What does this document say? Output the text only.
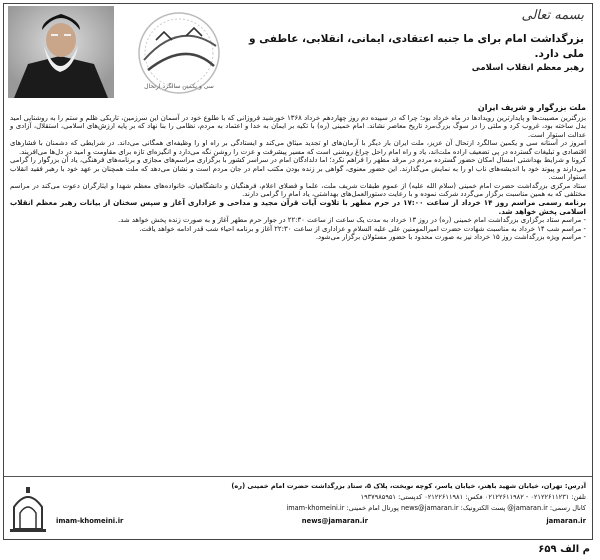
سی و یکمین سالگرد ارتحال
بسمه تعالی
بزرگداشت امام برای ما جنبه اعتقادی، ایمانی، انقلابی، عاطفی و ملی دارد.
رهبر معظم انقلاب اسلامی
ملت بزرگوار و شریف ایران

بزرگترین مصیبت‌ها و پایدارترین رویدادها در ماه خرداد بود؛ چرا که در سپیده دم روز چهاردهم خرداد ۱۳۶۸ خورشید فروزانی که با طلوع خود در آسمان این سرزمین، تاریکی ظلم و ستم را به روشنایی امید بدل ساخته بود، غروب کرد و ملتی را در سوگ بزرگ‌مرد تاریخ معاصر نشاند. امام خمینی (ره) با تکیه بر ایمان به خدا و اعتماد به مردم، نظامی را بنا نهاد که بر پایه ارزش‌های اسلامی، استقلال، آزادی و عدالت استوار است.

امروز در آستانه سی و یکمین سالگرد ارتحال آن عزیز، ملت ایران بار دیگر با آرمان‌های او تجدید میثاق می‌کند و ایستادگی بر راه او را وظیفه‌ای همگانی می‌داند. در شرایطی که دشمنان با فشارهای اقتصادی و تبلیغات گسترده در پی تضعیف اراده ملت‌اند، یاد و راه امام راحل چراغ روشنی است که مسیر پیشرفت و عزت را روشن نگه می‌دارد و انگیزه‌ای تازه برای مقاومت و امید در دل‌ها می‌افریند.

کرونا و شرایط بهداشتی امسال امکان حضور گسترده مردم در مرقد مطهر را فراهم نکرد؛ اما دلدادگان امام در سراسر کشور با برگزاری مراسم‌های مجازی و برنامه‌های فرهنگی، یاد آن بزرگوار را گرامی می‌دارند و پیوند خود با اندیشه‌های ناب او را به نمایش می‌گذارند. این حضور معنوی، گواهی بر زنده بودن مکتب امام در جان مردم است و نشان می‌دهد که ملت همچنان بر عهد خود با رهبر فقید انقلاب استوار است.

ستاد مرکزی بزرگداشت حضرت امام خمینی (سلام الله علیه) از عموم طبقات شریف ملت، علما و فضلای اعلام، فرهنگیان و دانشگاهیان، خانواده‌های معظم شهدا و ایثارگران دعوت می‌کند در مراسم مختلفی که به همین مناسبت برگزار می‌گردد شرکت نموده و با رعایت دستورالعمل‌های بهداشتی، یاد امام را گرامی دارند.

برنامه رسمی مراسم روز ۱۴ خرداد از ساعت ۱۷:۰۰ در حرم مطهر با تلاوت آیات قرآن مجید و مداحی و عزاداری آغاز و سپس سخنان از بیانات رهبر معظم انقلاب اسلامی پخش خواهد شد.

- مراسم ستاد برگزاری بزرگداشت امام خمینی (ره) در روز ۱۳ خرداد به مدت یک ساعت از ساعت ۲۲:۳۰ در جوار حرم مطهر آغاز و به صورت زنده پخش خواهد شد.

- مراسم شب ۱۴ خرداد به مناسبت شهادت حضرت امیرالمومنین علی علیه السلام و عزاداری از ساعت ۲۲:۳۰ آغاز و برنامه احیاء شب قدر ادامه خواهد یافت.

- مراسم ویژه بزرگداشت روز ۱۵ خرداد نیز به صورت محدود با حضور مسئولان برگزار می‌شود.

آدرس: تهران، خیابان شهید باهنر، خیابان یاسر، کوچه نوبخت، پلاک ۵، ستاد بزرگداشت حضرت امام خمینی (ره)
تلفن: ۰۲۱۲۲۶۱۱۲۳۱ - ۰۲۱۲۲۶۱۱۹۸۲ فکس: ۰۲۱۲۲۶۱۱۹۸۱ کدپستی: ۱۹۳۷۹۸۵۹۵۱
کانال رسمی: jamaran.ir@ پست الکترونیک: news@jamaran.ir پورتال امام خمینی: imam-khomeini.ir
imam-khomeini.ir	news@jamaran.ir	jamaran.ir
م الف ۶۵۹
